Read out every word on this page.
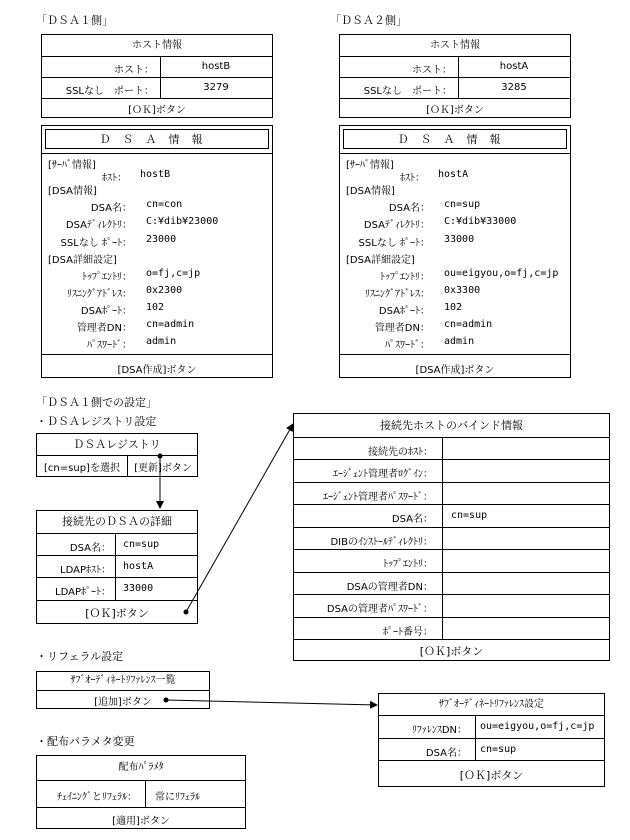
「ＤＳＡ１側」	「ＤＳＡ２側」
ホスト情報
ホスト：	hostB
SSLなし　ポート：	3279
[ＯＫ]ボタン
ホスト情報
ホスト：	hostA
SSLなし　ポート：	3285
[ＯＫ]ボタン
ＤＳＡ情報
[ｻｰﾊﾞ情報]
ﾎｽﾄ： hostB
[DSA情報]
DSA名： cn=con
DSAﾃﾞｨﾚｸﾄﾘ： C:¥dib¥23000
SSLなし ﾎﾟｰﾄ： 23000
[DSA詳細設定]
ﾄｯﾌﾟｴﾝﾄﾘ： o=fj,c=jp
ﾘｽﾆﾝｸﾞｱﾄﾞﾚｽ： 0x2300
DSAﾎﾟｰﾄ： 102
管理者DN： cn=admin
ﾊﾟｽﾜｰﾄﾞ： admin
[DSA作成]ボタン
ＤＳＡ情報
[ｻｰﾊﾞ情報]
ﾎｽﾄ： hostA
[DSA情報]
DSA名： cn=sup
DSAﾃﾞｨﾚｸﾄﾘ： C:¥dib¥33000
SSLなし ﾎﾟｰﾄ： 33000
[DSA詳細設定]
ﾄｯﾌﾟｴﾝﾄﾘ： ou=eigyou,o=fj,c=jp
ﾘｽﾆﾝｸﾞｱﾄﾞﾚｽ： 0x3300
DSAﾎﾟｰﾄ： 102
管理者DN： cn=admin
ﾊﾟｽﾜｰﾄﾞ： admin
[DSA作成]ボタン
「ＤＳＡ１側での設定」
・ＤＳＡレジストリ設定
ＤＳＡレジストリ
[cn=sup]を選択	[更新]ボタン
接続先のＤＳＡの詳細
DSA名： cn=sup
LDAPﾎｽﾄ： hostA
LDAPﾎﾟｰﾄ： 33000
[ＯＫ]ボタン
接続先ホストのバインド情報
接続先のﾎｽﾄ：
ｴｰｼﾞｪﾝﾄ管理者ﾛｸﾞｲﾝ：
ｴｰｼﾞｪﾝﾄ管理者ﾊﾟｽﾜｰﾄﾞ：
DSA名： cn=sup
DIBのｲﾝｽﾄｰﾙﾃﾞｨﾚｸﾄﾘ：
ﾄｯﾌﾟｴﾝﾄﾘ：
DSAの管理者DN：
DSAの管理者ﾊﾟｽﾜｰﾄﾞ：
ﾎﾟｰﾄ番号：
[ＯＫ]ボタン
・リフェラル設定
ｻﾌﾞｵｰﾃﾞｨﾈｰﾄﾘﾌｧﾚﾝｽ一覧
[追加]ボタン	ｻﾌﾞｵｰﾃﾞｨﾈｰﾄﾘﾌｧﾚﾝｽ設定
ﾘﾌｧﾚﾝｽDN： ou=eigyou,o=fj,c=jp
DSA名： cn=sup
[ＯＫ]ボタン
・配布パラメタ変更
配布ﾊﾟﾗﾒﾀ
ﾁｪｲﾆﾝｸﾞとﾘﾌｪﾗﾙ： 常にﾘﾌｪﾗﾙ
[適用]ボタン
